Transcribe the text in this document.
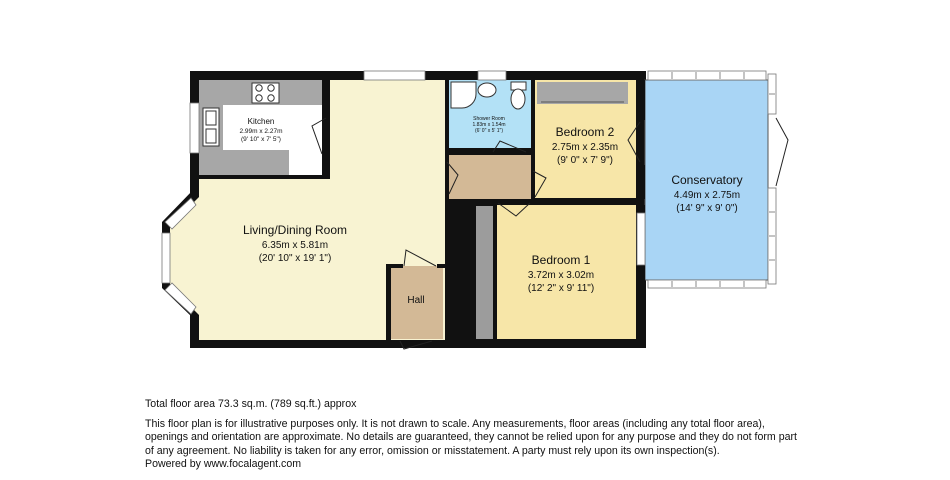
Kitchen
2.99m x 2.27m
(9' 10" x 7' 5")
Living/Dining Room
6.35m x 5.81m
(20' 10" x 19' 1")
Shower Room
1.83m x 1.54m
(6' 0" x 5' 1")	Bedroom 2
2.75m x 2.35m
(9' 0" x 7' 9")
Conservatory
4.49m x 2.75m
(14' 9" x 9' 0")
Bedroom 1
3.72m x 3.02m
(12' 2" x 9' 11")
Hall

Total floor area 73.3 sq.m. (789 sq.ft.) approx

This floor plan is for illustrative purposes only. It is not drawn to scale. Any measurements, floor areas (including any total floor area), openings and orientation are approximate. No details are guaranteed, they cannot be relied upon for any purpose and they do not form part of any agreement. No liability is taken for any error, omission or misstatement. A party must rely upon its own inspection(s).

Powered by www.focalagent.com
